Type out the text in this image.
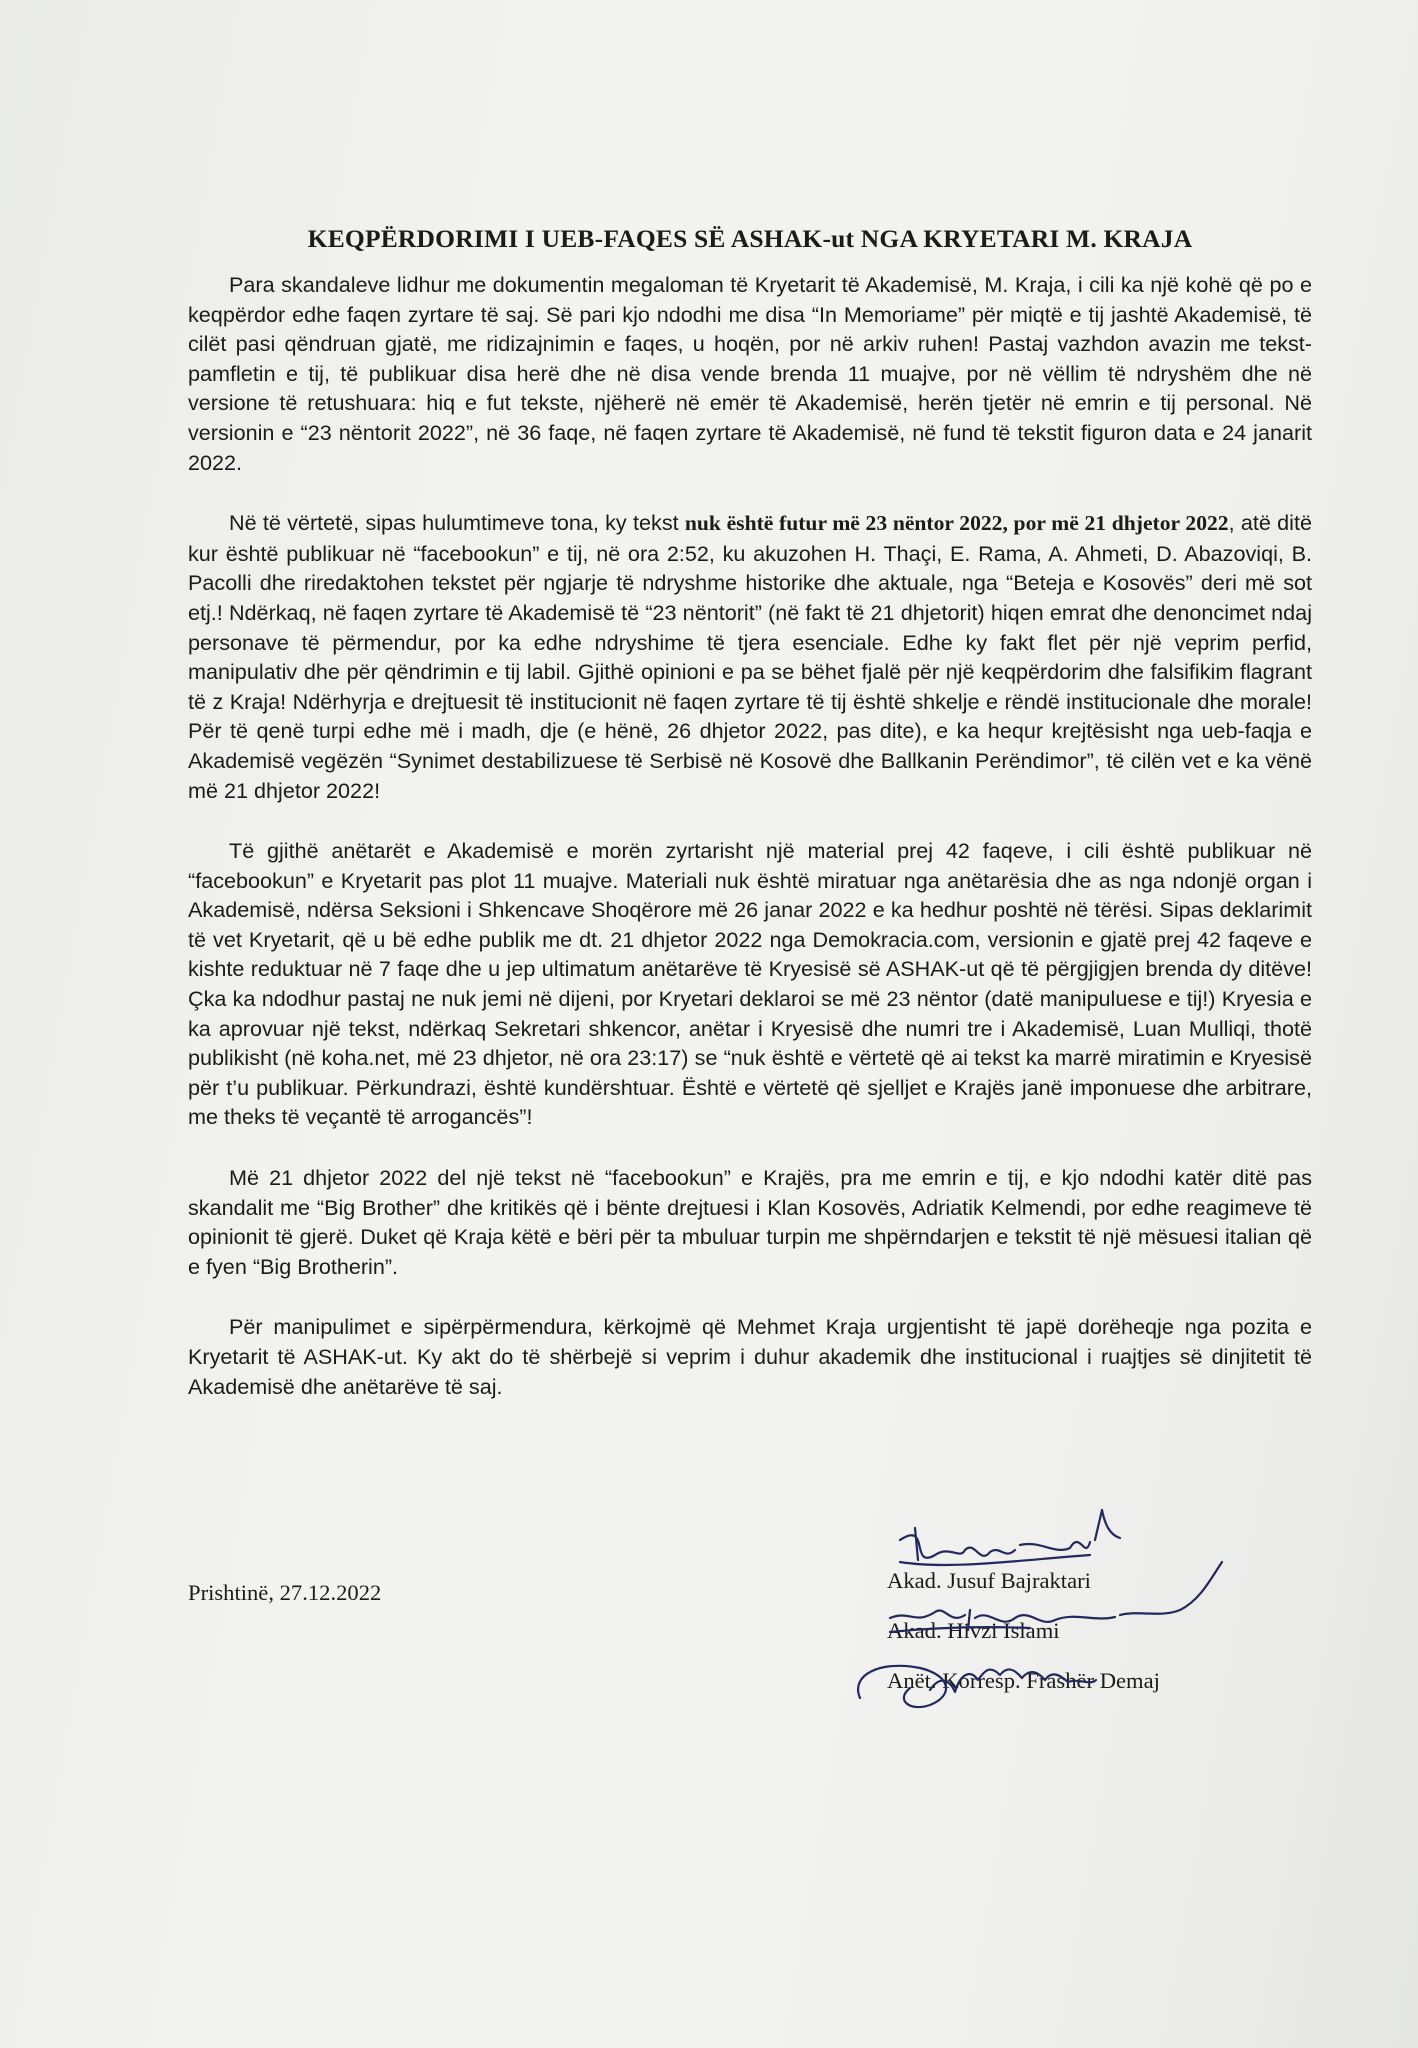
KEQPËRDORIMI I UEB-FAQES SË ASHAK-ut NGA KRYETARI M. KRAJA
Para skandaleve lidhur me dokumentin megaloman të Kryetarit të Akademisë, M. Kraja, i cili ka një kohë që po e keqpërdor edhe faqen zyrtare të saj. Së pari kjo ndodhi me disa “In Memoriame” për miqtë e tij jashtë Akademisë, të cilët pasi qëndruan gjatë, me ridizajnimin e faqes, u hoqën, por në arkiv ruhen! Pastaj vazhdon avazin me tekst-pamfletin e tij, të publikuar disa herë dhe në disa vende brenda 11 muajve, por në vëllim të ndryshëm dhe në versione të retushuara: hiq e fut tekste, njëherë në emër të Akademisë, herën tjetër në emrin e tij personal. Në versionin e “23 nëntorit 2022”, në 36 faqe, në faqen zyrtare të Akademisë, në fund të tekstit figuron data e 24 janarit 2022.
Në të vërtetë, sipas hulumtimeve tona, ky tekst nuk është futur më 23 nëntor 2022, por më 21 dhjetor 2022, atë ditë kur është publikuar në “facebookun” e tij, në ora 2:52, ku akuzohen H. Thaçi, E. Rama, A. Ahmeti, D. Abazoviqi, B. Pacolli dhe riredaktohen tekstet për ngjarje të ndryshme historike dhe aktuale, nga “Beteja e Kosovës” deri më sot etj.! Ndërkaq, në faqen zyrtare të Akademisë të “23 nëntorit” (në fakt të 21 dhjetorit) hiqen emrat dhe denoncimet ndaj personave të përmendur, por ka edhe ndryshime të tjera esenciale. Edhe ky fakt flet për një veprim perfid, manipulativ dhe për qëndrimin e tij labil. Gjithë opinioni e pa se bëhet fjalë për një keqpërdorim dhe falsifikim flagrant të z Kraja! Ndërhyrja e drejtuesit të institucionit në faqen zyrtare të tij është shkelje e rëndë institucionale dhe morale! Për të qenë turpi edhe më i madh, dje (e hënë, 26 dhjetor 2022, pas dite), e ka hequr krejtësisht nga ueb-faqja e Akademisë vegëzën “Synimet destabilizuese të Serbisë në Kosovë dhe Ballkanin Perëndimor”, të cilën vet e ka vënë më 21 dhjetor 2022!
Të gjithë anëtarët e Akademisë e morën zyrtarisht një material prej 42 faqeve, i cili është publikuar në “facebookun” e Kryetarit pas plot 11 muajve. Materiali nuk është miratuar nga anëtarësia dhe as nga ndonjë organ i Akademisë, ndërsa Seksioni i Shkencave Shoqërore më 26 janar 2022 e ka hedhur poshtë në tërësi. Sipas deklarimit të vet Kryetarit, që u bë edhe publik me dt. 21 dhjetor 2022 nga Demokracia.com, versionin e gjatë prej 42 faqeve e kishte reduktuar në 7 faqe dhe u jep ultimatum anëtarëve të Kryesisë së ASHAK-ut që të përgjigjen brenda dy ditëve! Çka ka ndodhur pastaj ne nuk jemi në dijeni, por Kryetari deklaroi se më 23 nëntor (datë manipuluese e tij!) Kryesia e ka aprovuar një tekst, ndërkaq Sekretari shkencor, anëtar i Kryesisë dhe numri tre i Akademisë, Luan Mulliqi, thotë publikisht (në koha.net, më 23 dhjetor, në ora 23:17) se “nuk është e vërtetë që ai tekst ka marrë miratimin e Kryesisë për t’u publikuar. Përkundrazi, është kundërshtuar. Është e vërtetë që sjelljet e Krajës janë imponuese dhe arbitrare, me theks të veçantë të arrogancës”!
Më 21 dhjetor 2022 del një tekst në “facebookun” e Krajës, pra me emrin e tij, e kjo ndodhi katër ditë pas skandalit me “Big Brother” dhe kritikës që i bënte drejtuesi i Klan Kosovës, Adriatik Kelmendi, por edhe reagimeve të opinionit të gjerë. Duket që Kraja këtë e bëri për ta mbuluar turpin me shpërndarjen e tekstit të një mësuesi italian që e fyen “Big Brotherin”.
Për manipulimet e sipërpërmendura, kërkojmë që Mehmet Kraja urgjentisht të japë dorëheqje nga pozita e Kryetarit të ASHAK-ut. Ky akt do të shërbejë si veprim i duhur akademik dhe institucional i ruajtjes së dinjitetit të Akademisë dhe anëtarëve të saj.
Prishtinë, 27.12.2022	Akad. Jusuf Bajraktari
Akad. Hivzi Islami
Anët. Korresp. Frashër Demaj
